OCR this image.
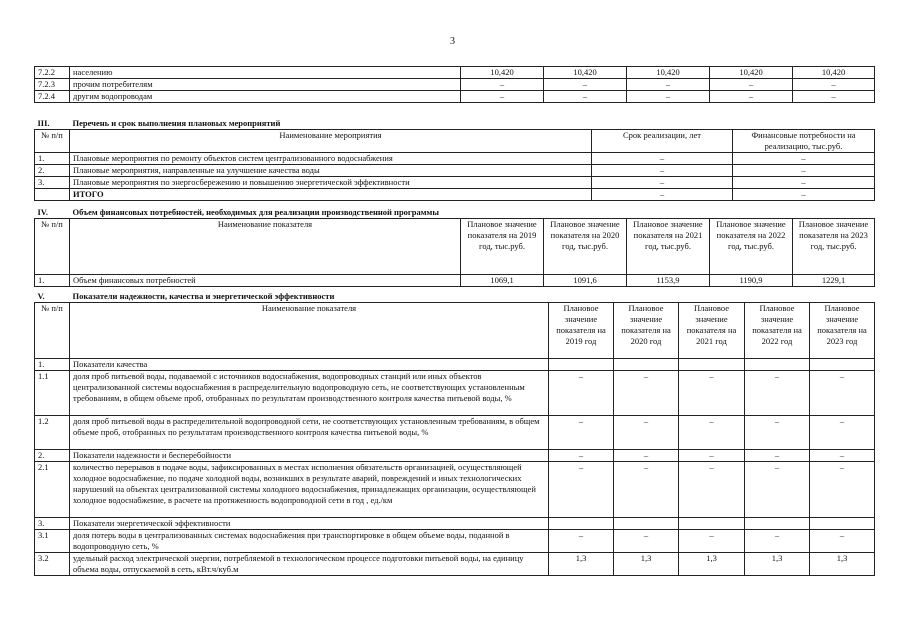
3
7.2.2	населению	10,420	10,420	10,420	10,420	10,420
7.2.3	прочим потребителям	–	–	–	–	–
7.2.4	другим водопроводам	–	–	–	–	–
III.	Перечень и срок выполнения плановых мероприятий		
№ п/п	Наименование мероприятия	Срок реализации, лет	Финансовые потребности на реализацию, тыс.руб.
1.	Плановые мероприятия по ремонту объектов систем централизованного водоснабжения	–	–
2.	Плановые мероприятия, направленные на улучшение качества воды	–	–
3.	Плановые мероприятия по энергосбережению и повышению энергетической эффективности	–	–
	ИТОГО	–	–
IV.	Объем финансовых потребностей, необходимых для реализации производственной программы					
№ п/п	Наименование показателя	Плановое значение показателя на 2019 год, тыс.руб.	Плановое значение показателя на 2020 год, тыс.руб.	Плановое значение показателя на 2021 год, тыс.руб.	Плановое значение показателя на 2022 год, тыс.руб.	Плановое значение показателя на 2023 год, тыс.руб.
1.	Объем финансовых потребностей	1069,1	1091,6	1153,9	1190,9	1229,1
V.	Показатели надежности, качества и энергетической эффективности					
№ п/п	Наименование показателя	Плановое значение показателя на 2019 год	Плановое значение показателя на 2020 год	Плановое значение показателя на 2021 год	Плановое значение показателя на 2022 год	Плановое значение показателя на 2023 год
1.	Показатели качества					
1.1	доля проб питьевой воды, подаваемой с источников водоснабжения, водопроводных станций или иных объектов централизованной системы водоснабжения в распределительную водопроводную сеть, не соответствующих установленным требованиям, в общем объеме проб, отобранных по результатам производственного контроля качества питьевой воды, %	–	–	–	–	–
1.2	доля проб питьевой воды в распределительной водопроводной сети, не соответствующих установленным требованиям, в общем объеме проб, отобранных по результатам производственного контроля качества питьевой воды, %	–	–	–	–	–
2.	Показатели надежности и бесперебойности	–	–	–	–	–
2.1	количество перерывов в подаче воды, зафиксированных в местах исполнения обязательств организацией, осуществляющей холодное водоснабжение, по подаче холодной воды, возникших в результате аварий, повреждений и иных технологических нарушений на объектах централизованной системы холодного водоснабжения, принадлежащих организации, осуществляющей холодное водоснабжение, в расчете на протяженность водопроводной сети в год , ед./км	–	–	–	–	–
3.	Показатели энергетической эффективности					
3.1	доля потерь воды в централизованных системах водоснабжения при транспортировке в общем объеме воды, поданной в водопроводную сеть, %	–	–	–	–	–
3.2	удельный расход электрической энергии, потребляемой в технологическом процессе подготовки питьевой воды, на единицу объема воды, отпускаемой в сеть, кВт.ч/куб.м	1,3	1,3	1,3	1,3	1,3
